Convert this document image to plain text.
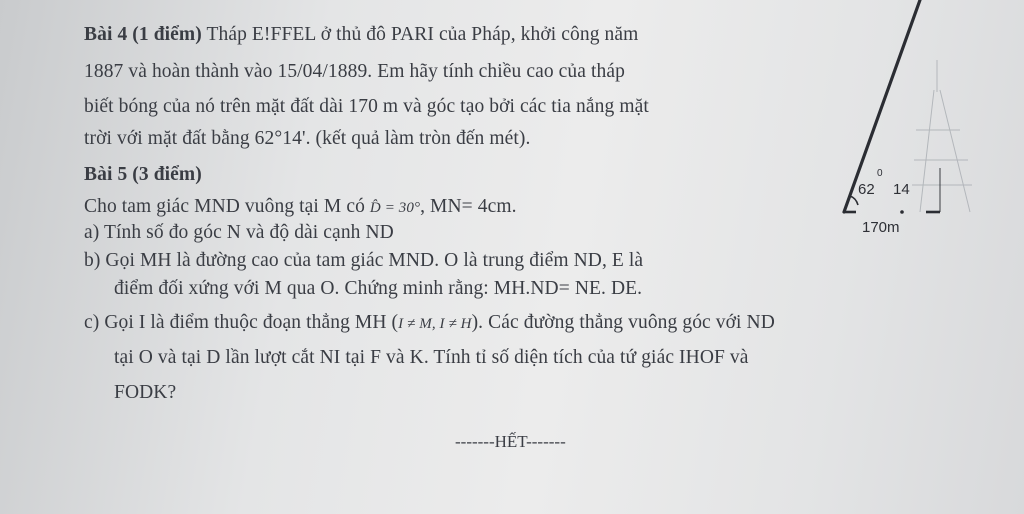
Bài 4 (1 điểm) Tháp E!FFEL ở thủ đô PARI của Pháp, khởi công năm
1887 và hoàn thành vào 15/04/1889. Em hãy tính chiều cao của tháp
biết bóng của nó trên mặt đất dài 170 m và góc tạo bởi các tia nắng mặt
trời với mặt đất bằng 62°14'. (kết quả làm tròn đến mét).
Bài 5 (3 điểm)
Cho tam giác MND vuông tại M có D̂ = 30°, MN= 4cm.
a) Tính số đo góc N và độ dài cạnh ND
b) Gọi MH là đường cao của tam giác MND. O là trung điểm ND, E là
điểm đối xứng với M qua O. Chứng minh rằng: MH.ND= NE. DE.
c) Gọi I là điểm thuộc đoạn thẳng MH (I ≠ M, I ≠ H). Các đường thẳng vuông góc với ND
tại O và tại D lần lượt cắt NI tại F và K. Tính tỉ số diện tích của tứ giác IHOF và
FODK?
-------HẾT-------
62
0
14
170m
